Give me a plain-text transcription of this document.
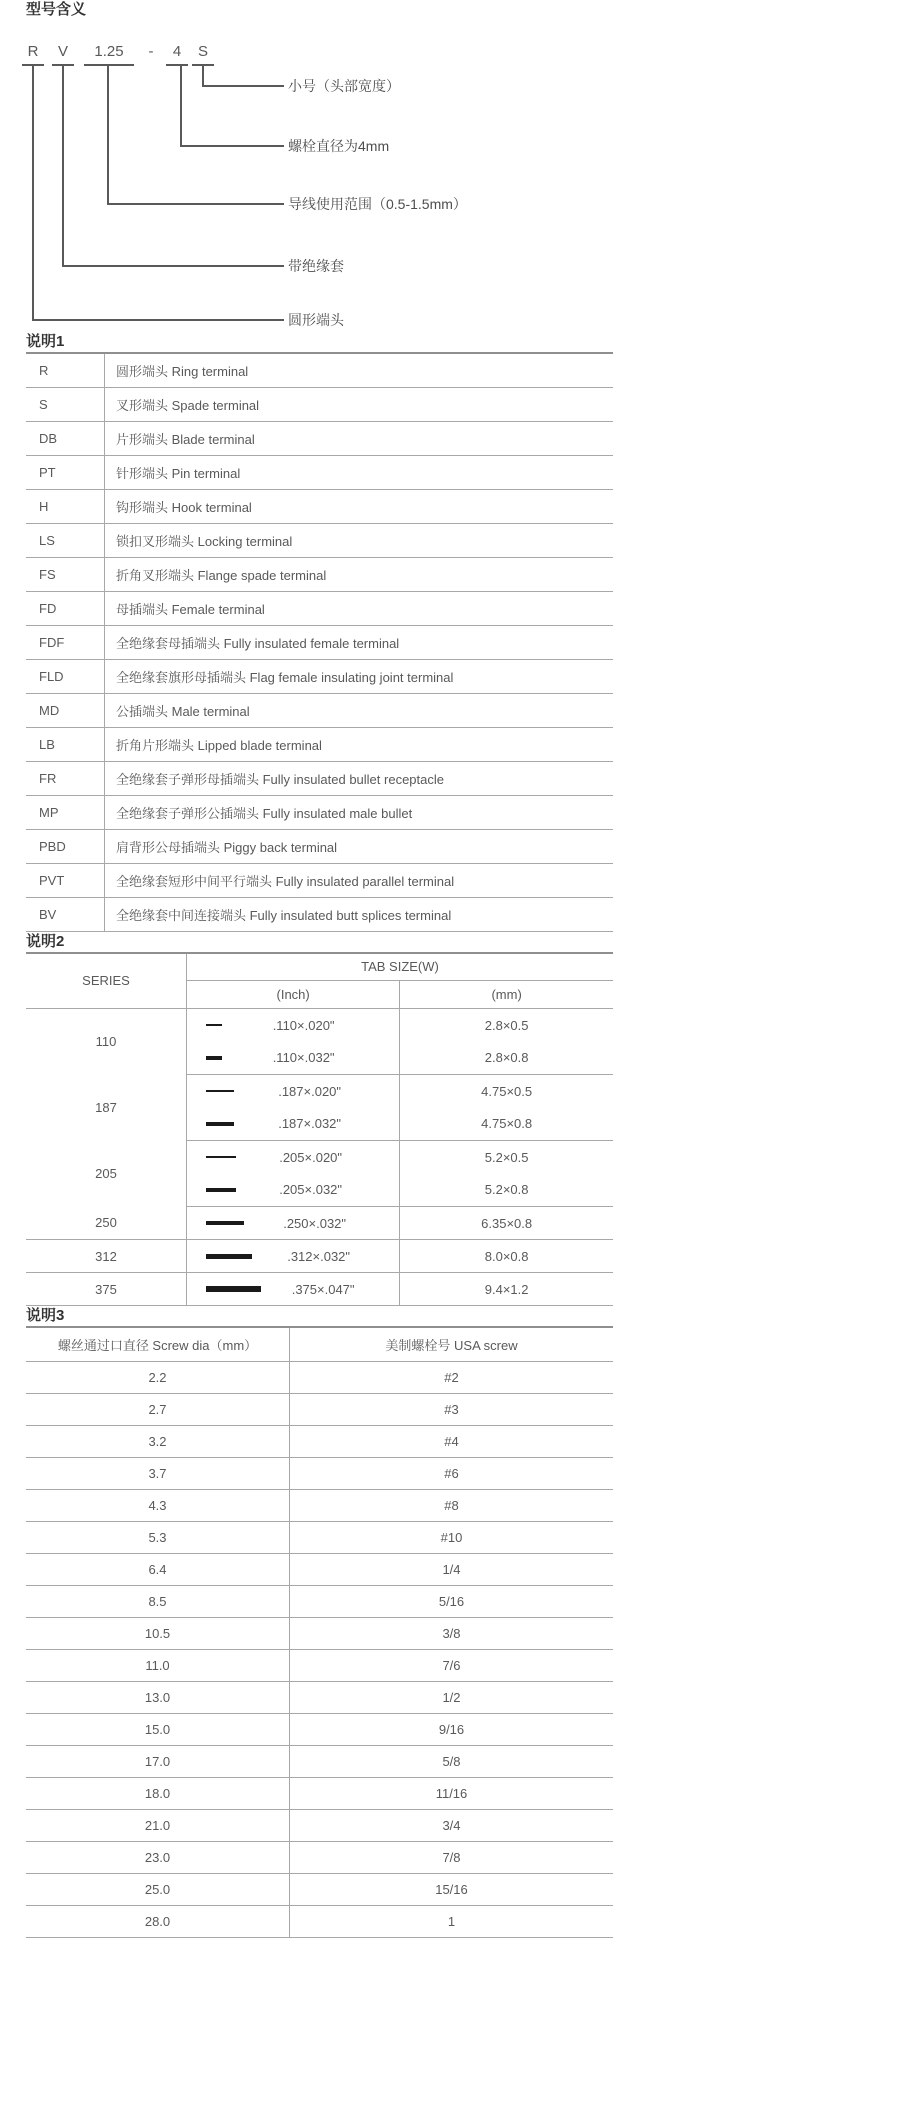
型号含义
R
圆形端头
V
带绝缘套
1.25
导线使用范围（0.5-1.5mm）
-	4
螺栓直径为4mm
S
小号（头部宽度）
说明1
R	圆形端头 Ring terminal
S	叉形端头 Spade terminal
DB	片形端头 Blade terminal
PT	针形端头 Pin terminal
H	钩形端头 Hook terminal
LS	锁扣叉形端头 Locking terminal
FS	折角叉形端头 Flange spade terminal
FD	母插端头 Female terminal
FDF	全绝缘套母插端头 Fully insulated female terminal
FLD	全绝缘套旗形母插端头 Flag female insulating joint terminal
MD	公插端头 Male terminal
LB	折角片形端头 Lipped blade terminal
FR	全绝缘套子弹形母插端头 Fully insulated bullet receptacle
MP	全绝缘套子弹形公插端头 Fully insulated male bullet
PBD	肩背形公母插端头 Piggy back terminal
PVT	全绝缘套短形中间平行端头 Fully insulated parallel terminal
BV	全绝缘套中间连接端头 Fully insulated butt splices terminal
说明2
SERIES	TAB SIZE(W)	
	(Inch)	(mm)
110	.110×.020"	2.8×0.5

	.110×.032"	2.8×0.8
187	.187×.020"	4.75×0.5

	.187×.032"	4.75×0.8
205	.205×.020"	5.2×0.5

	.205×.032"	5.2×0.8
250	.250×.032"	6.35×0.8
312	.312×.032"	8.0×0.8
375	.375×.047"	9.4×1.2
说明3
螺丝通过口直径 Screw dia（mm）	美制螺栓号 USA screw
2.2	#2
2.7	#3
3.2	#4
3.7	#6
4.3	#8
5.3	#10
6.4	1/4
8.5	5/16
10.5	3/8
11.0	7/6
13.0	1/2
15.0	9/16
17.0	5/8
18.0	11/16
21.0	3/4
23.0	7/8
25.0	15/16
28.0	1
